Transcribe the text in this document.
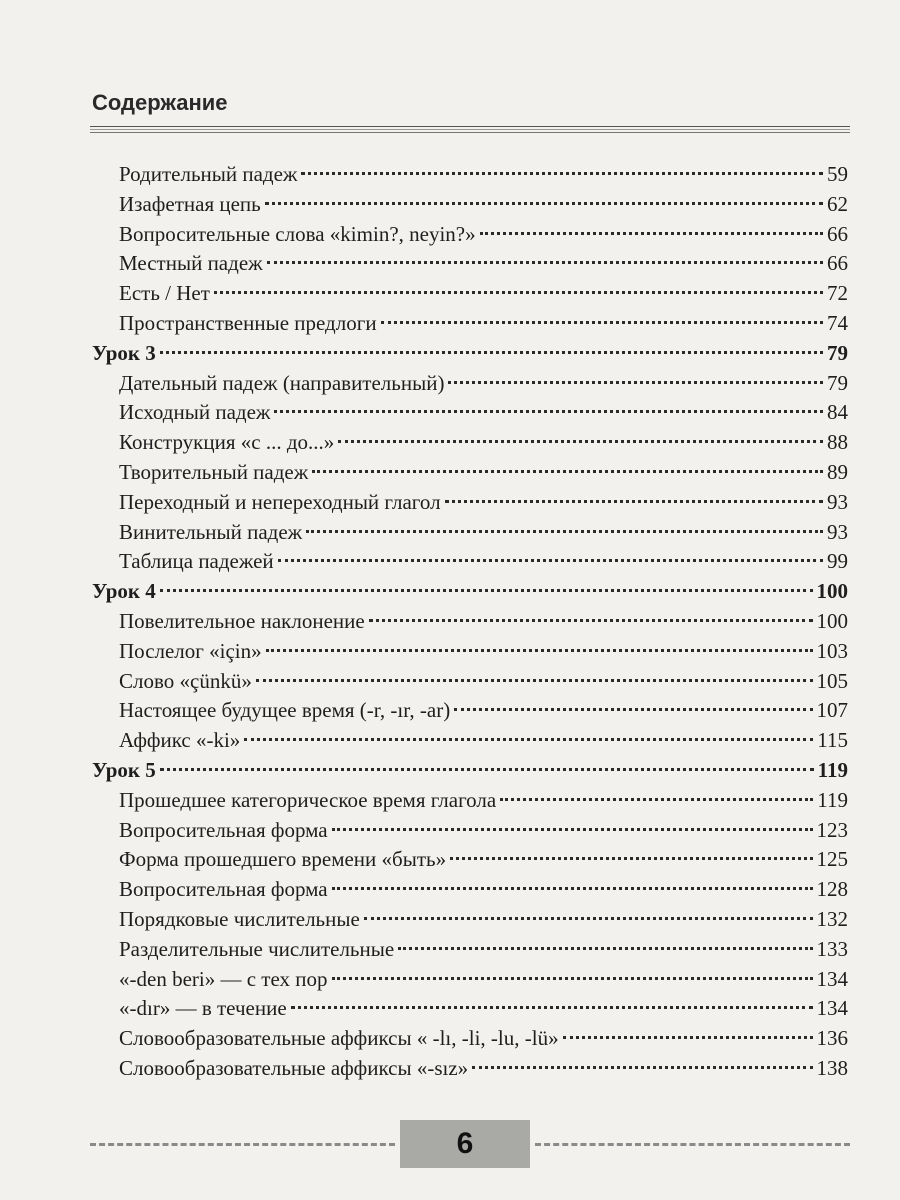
Содержание
Родительный падеж	59
Изафетная цепь	62
Вопросительные слова «kimin?, neyin?»	66
Местный падеж	66
Есть / Нет	72
Пространственные предлоги	74
Урок 3	79
Дательный падеж (направительный)	79
Исходный падеж	84
Конструкция «с ... до...»	88
Творительный падеж	89
Переходный и непереходный глагол	93
Винительный падеж	93
Таблица падежей	99
Урок 4	100
Повелительное наклонение	100
Послелог «için»	103
Слово «çünkü»	105
Настоящее будущее время (-r, -ır, -ar)	107
Аффикс «-ki»	115
Урок 5	119
Прошедшее категорическое время глагола	119
Вопросительная форма	123
Форма прошедшего времени «быть»	125
Вопросительная форма	128
Порядковые числительные	132
Разделительные числительные	133
«-den beri» — с тех пор	134
«-dır» — в течение	134
Словообразовательные аффиксы « -lı, -li, -lu, -lü»	136
Словообразовательные аффиксы «-sız»	138
6
